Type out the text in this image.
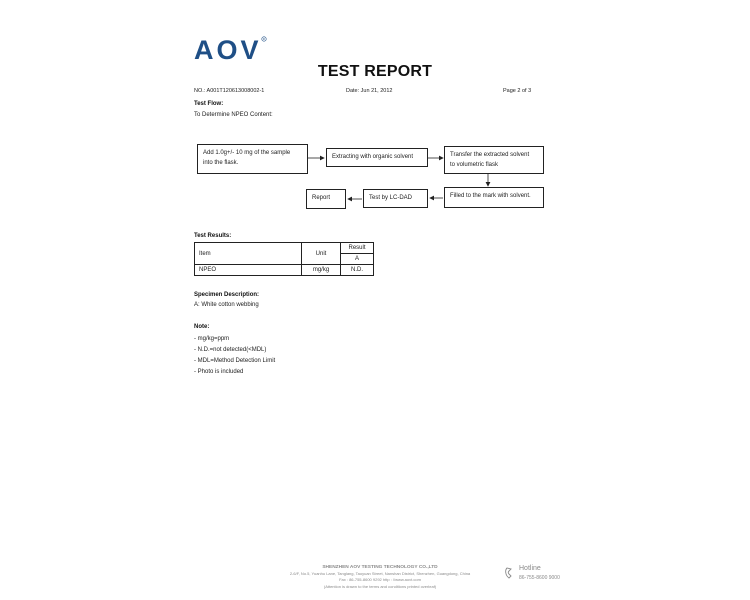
AOV R
TEST REPORT
NO.: A001T120613008002-1	Date: Jun 21, 2012	Page 2 of 3
Test Flow:
To Determine NPEO Content:
Add 1.0g+/- 10 mg of the sample
into the flask.
Extracting with organic solvent	Transfer the extracted solvent
to volumetric flask
Filled to the mark with solvent.
Test by LC-DAD
Report
Test Results:
Item	Unit	Result
		A
NPEO	mg/kg	N.D.
Specimen Description:
A: White cotton webbing
Note:
- mg/kg=ppm
- N.D.=not detected(<MDL)
- MDL=Method Detection Limit
- Photo is included
SHENZHEN AOV TESTING TECHNOLOGY CO.,LTD
2-6/F, No.5, Yuanhu Lane, Tanglang, Taoyuan Street, Nanshan District, Shenzhen, Guangdong, China
Fax : 86-755-8600 9292 http : //www.aovt.com
(Attention is drawn to the terms and conditions printed overleaf)
Hotline
86-755-8600 9000
